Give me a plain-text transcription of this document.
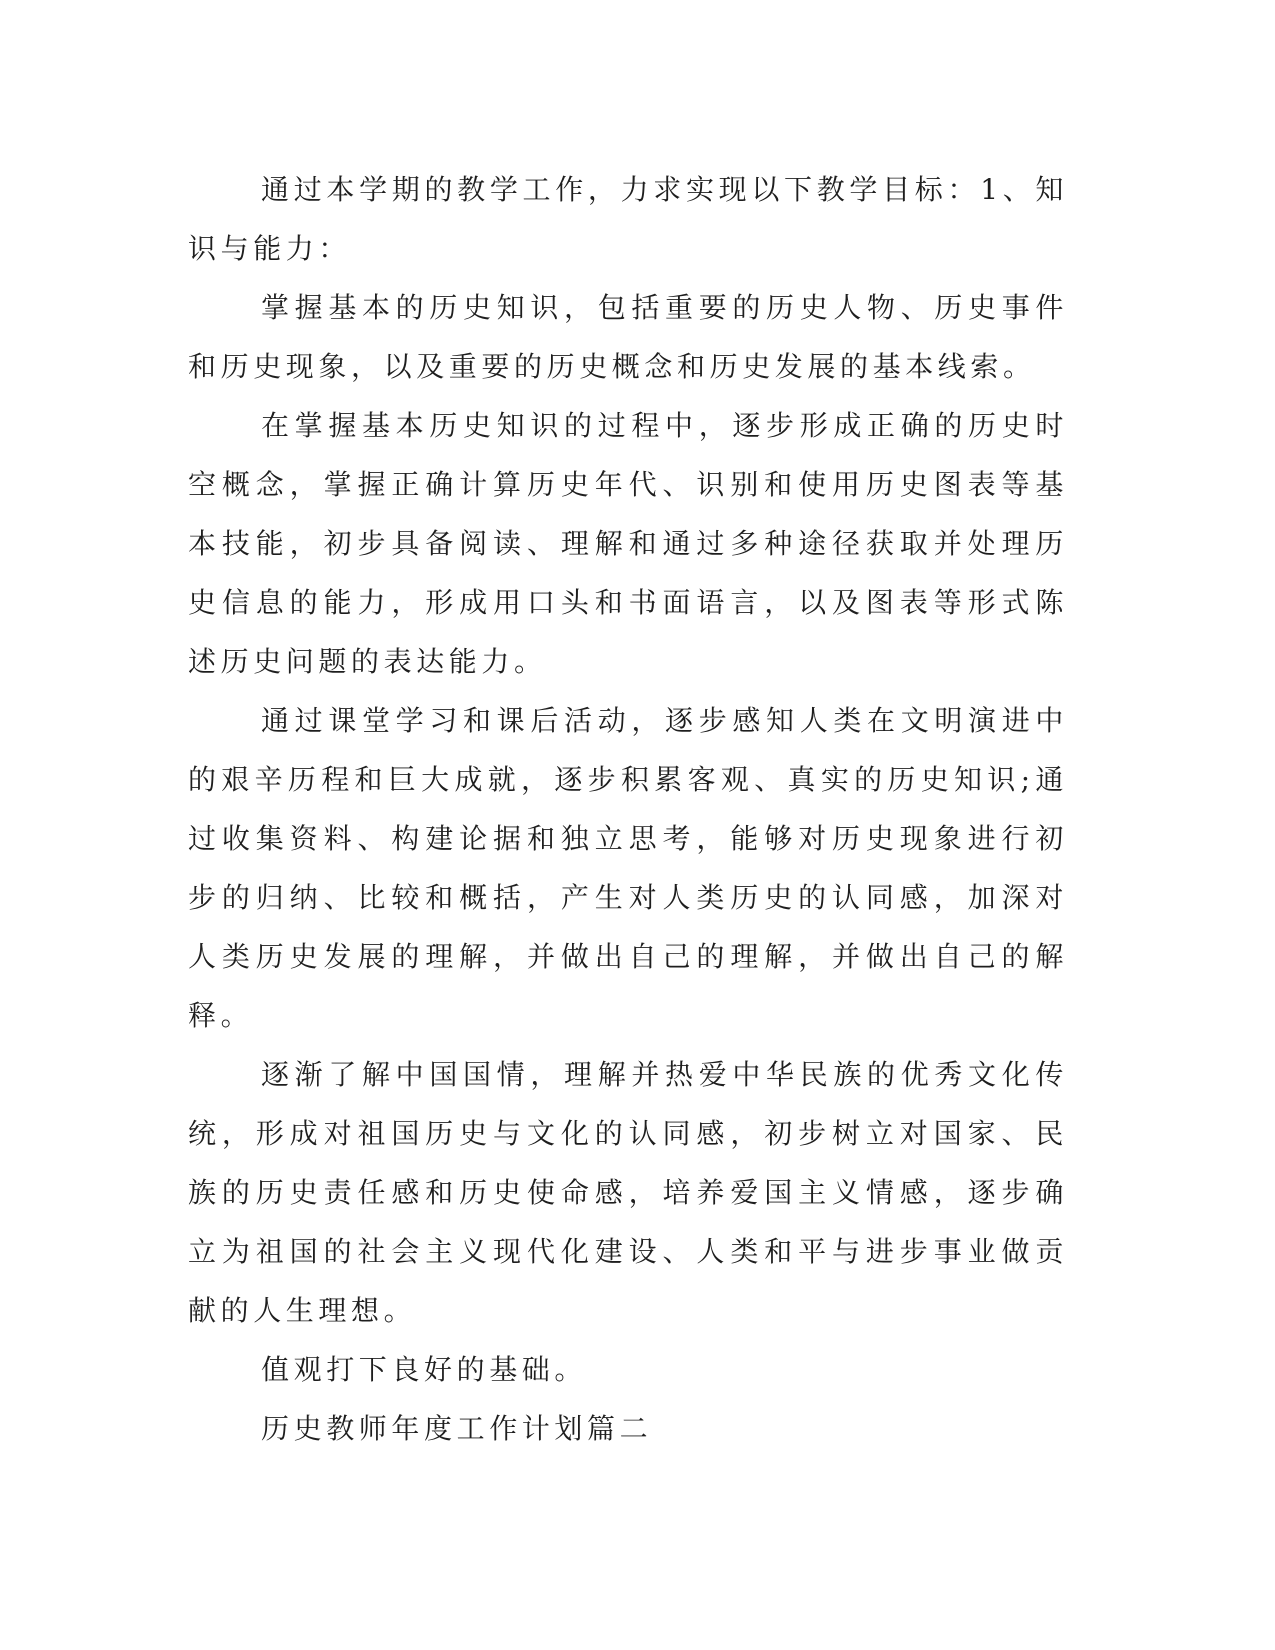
通过本学期的教学工作，力求实现以下教学目标：1、知识与能力：

掌握基本的历史知识，包括重要的历史人物、历史事件和历史现象，以及重要的历史概念和历史发展的基本线索。

在掌握基本历史知识的过程中，逐步形成正确的历史时空概念，掌握正确计算历史年代、识别和使用历史图表等基本技能，初步具备阅读、理解和通过多种途径获取并处理历史信息的能力，形成用口头和书面语言，以及图表等形式陈述历史问题的表达能力。

通过课堂学习和课后活动，逐步感知人类在文明演进中的艰辛历程和巨大成就，逐步积累客观、真实的历史知识;通过收集资料、构建论据和独立思考，能够对历史现象进行初步的归纳、比较和概括，产生对人类历史的认同感，加深对人类历史发展的理解，并做出自己的理解，并做出自己的解释。

逐渐了解中国国情，理解并热爱中华民族的优秀文化传统，形成对祖国历史与文化的认同感，初步树立对国家、民族的历史责任感和历史使命感，培养爱国主义情感，逐步确立为祖国的社会主义现代化建设、人类和平与进步事业做贡献的人生理想。

值观打下良好的基础。

历史教师年度工作计划篇二
